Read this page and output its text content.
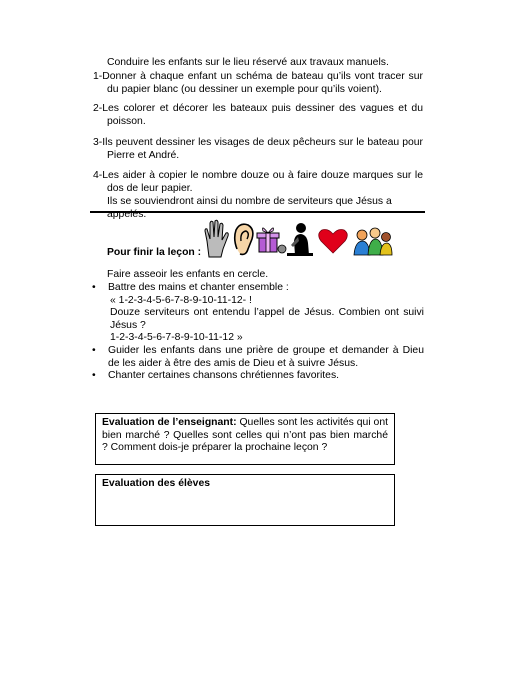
Conduire les enfants sur le lieu réservé aux travaux manuels.

1-Donner à chaque enfant un schéma de bateau qu’ils vont tracer sur du papier blanc (ou dessiner un exemple pour qu’ils voient).
2-Les colorer et décorer les bateaux puis dessiner des vagues et du poisson.
3-Ils peuvent dessiner les visages de deux pêcheurs sur le bateau pour Pierre et André.
4-Les aider à copier le nombre douze ou à faire douze marques sur le dos de leur papier.
Ils se souviendront ainsi du nombre de serviteurs que Jésus a appelés.

Pour finir la leçon :

Faire asseoir les enfants en cercle.

• Battre des mains et chanter ensemble :
« 1-2-3-4-5-6-7-8-9-10-11-12- !
Douze serviteurs ont entendu l’appel de Jésus. Combien ont suivi Jésus ?
1-2-3-4-5-6-7-8-9-10-11-12 »
• Guider les enfants dans une prière de groupe et demander à Dieu de les aider à être des amis de Dieu et à suivre Jésus.
• Chanter certaines chansons chrétiennes favorites.
Evaluation de l’enseignant: Quelles sont les activités qui ont bien marché ? Quelles sont celles qui n’ont pas bien marché ? Comment dois-je préparer la prochaine leçon ?
Evaluation des élèves
